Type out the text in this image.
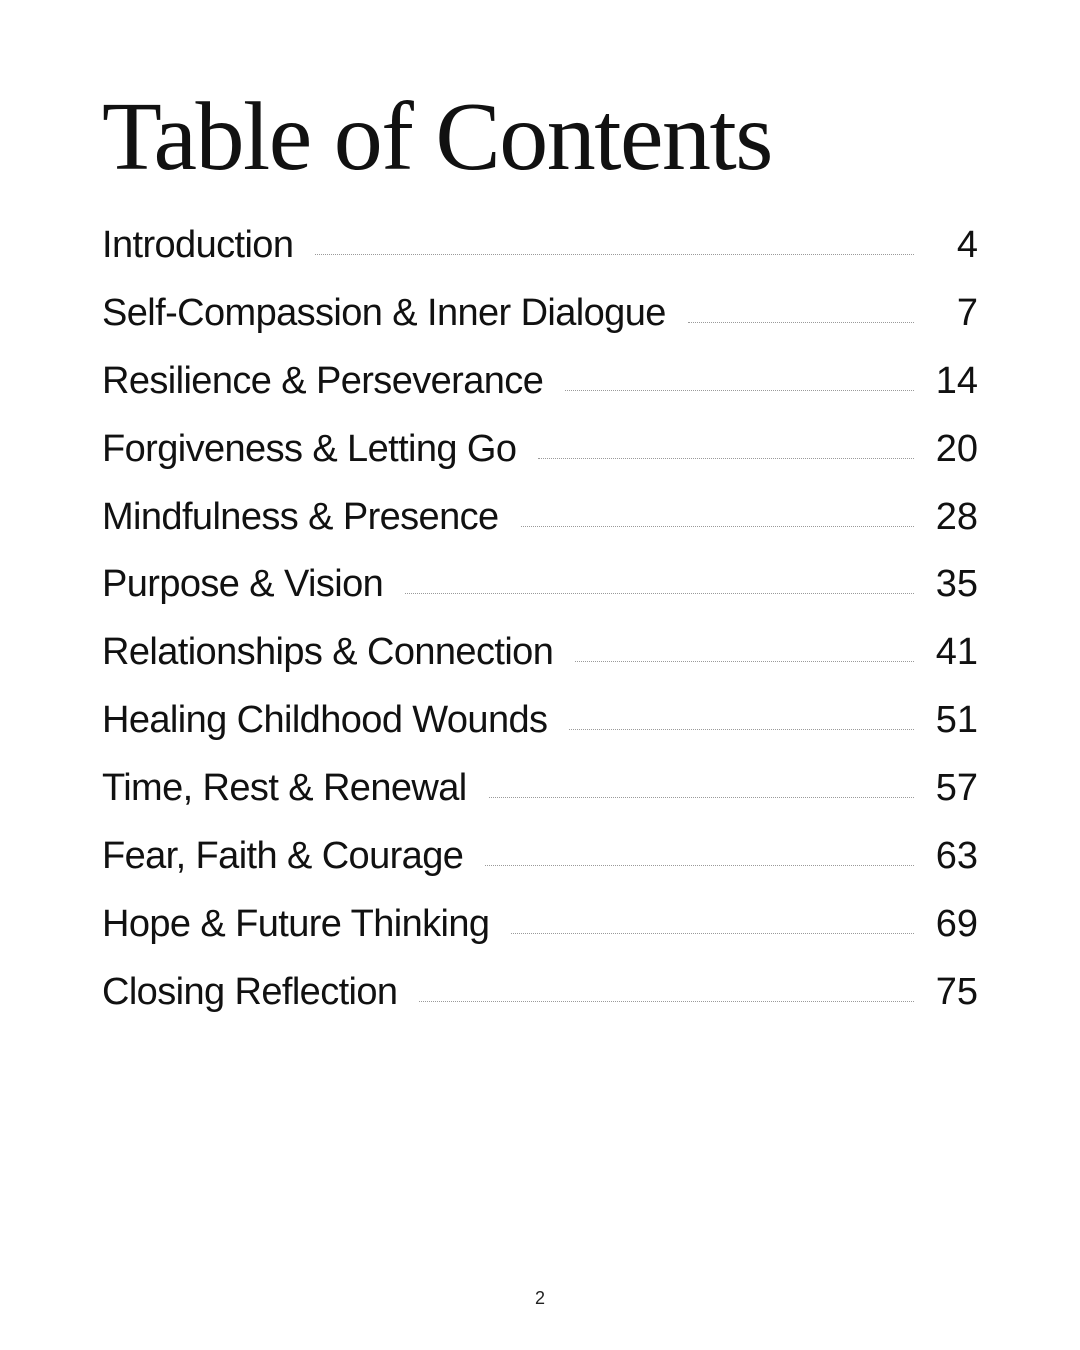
Table of Contents
Introduction	4
Self-Compassion & Inner Dialogue	7
Resilience & Perseverance	14
Forgiveness & Letting Go	20
Mindfulness & Presence	28
Purpose & Vision	35
Relationships & Connection	41
Healing Childhood Wounds	51
Time, Rest & Renewal	57
Fear, Faith & Courage	63
Hope & Future Thinking	69
Closing Reflection	75
2
